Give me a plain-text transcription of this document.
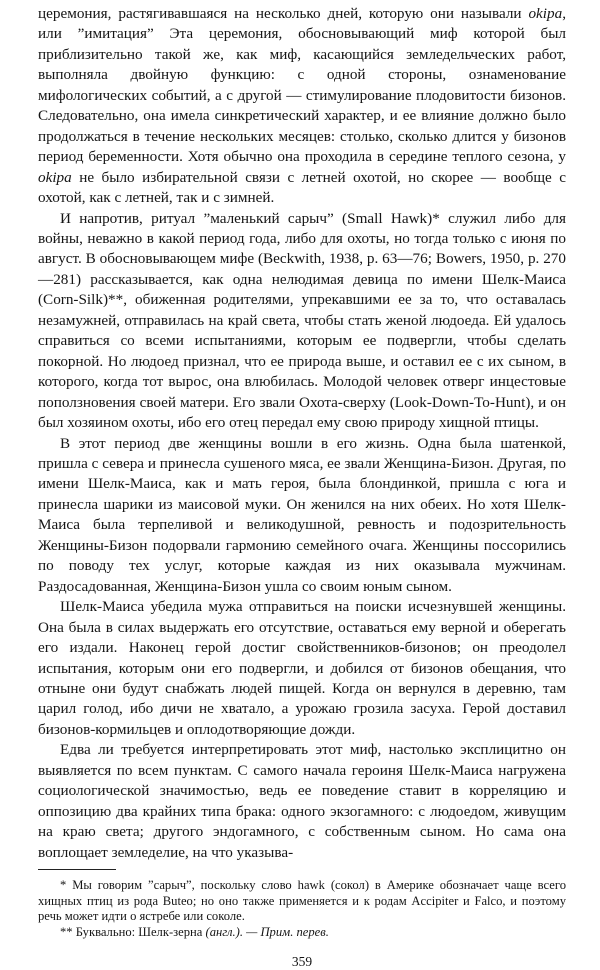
церемония, растягивавшаяся на несколько дней, которую они называли okipa, или ”имитация” Эта церемония, обосновывающий миф которой был приблизительно такой же, как миф, касающийся земледельческих работ, выполняла двойную функцию: с одной стороны, ознаменование мифологических событий, а с другой — стимулирование плодовитости бизонов. Следовательно, она имела синкретический характер, и ее влияние должно было продолжаться в течение нескольких месяцев: столько, сколько длится у бизонов период беременности. Хотя обычно она проходила в середине теплого сезона, у okipa не было избирательной связи с летней охотой, но скорее — вообще с охотой, как с летней, так и с зимней.

И напротив, ритуал ”маленький сарыч” (Small Hawk)* служил либо для войны, неважно в какой период года, либо для охоты, но тогда только с июня по август. В обосновывающем мифе (Beckwith, 1938, p. 63—76; Bowers, 1950, p. 270—281) рассказывается, как одна нелюдимая девица по имени Шелк-Маиса (Corn-Silk)**, обиженная родителями, упрекавшими ее за то, что оставалась незамужней, отправилась на край света, чтобы стать женой людоеда. Ей удалось справиться со всеми испытаниями, которым ее подвергли, чтобы сделать покорной. Но людоед признал, что ее природа выше, и оставил ее с их сыном, в которого, когда тот вырос, она влюбилась. Молодой человек отверг инцестовые поползновения своей матери. Его звали Охота-сверху (Look-Down-To-Hunt), и он был хозяином охоты, ибо его отец передал ему свою природу хищной птицы.

В этот период две женщины вошли в его жизнь. Одна была шатенкой, пришла с севера и принесла сушеного мяса, ее звали Женщина-Бизон. Другая, по имени Шелк-Маиса, как и мать героя, была блондинкой, пришла с юга и принесла шарики из маисовой муки. Он женился на них обеих. Но хотя Шелк-Маиса была терпеливой и великодушной, ревность и подозрительность Женщины-Бизон подорвали гармонию семейного очага. Женщины поссорились по поводу тех услуг, которые каждая из них оказывала мужчинам. Раздосадованная, Женщина-Бизон ушла со своим юным сыном.

Шелк-Маиса убедила мужа отправиться на поиски исчезнувшей женщины. Она была в силах выдержать его отсутствие, оставаться ему верной и оберегать его издали. Наконец герой достиг свойственников-бизонов; он преодолел испытания, которым они его подвергли, и добился от бизонов обещания, что отныне они будут снабжать людей пищей. Когда он вернулся в деревню, там царил голод, ибо дичи не хватало, а урожаю грозила засуха. Герой доставил бизонов-кормильцев и оплодотворяющие дожди.

Едва ли требуется интерпретировать этот миф, настолько эксплицитно он выявляется по всем пунктам. С самого начала героиня Шелк-Маиса нагружена социологической значимостью, ведь ее поведение ставит в корреляцию и оппозицию два крайних типа брака: одного экзогамного: с людоедом, живущим на краю света; другого эндогамного, с собственным сыном. Но сама она воплощает земледелие, на что указыва-

* Мы говорим ”сарыч”, поскольку слово hawk (сокол) в Америке обозначает чаще всего хищных птиц из рода Buteo; но оно также применяется и к родам Accipiter и Falco, и поэтому речь может идти о ястребе или соколе.

** Буквально: Шелк-зерна (англ.). — Прим. перев.

359
